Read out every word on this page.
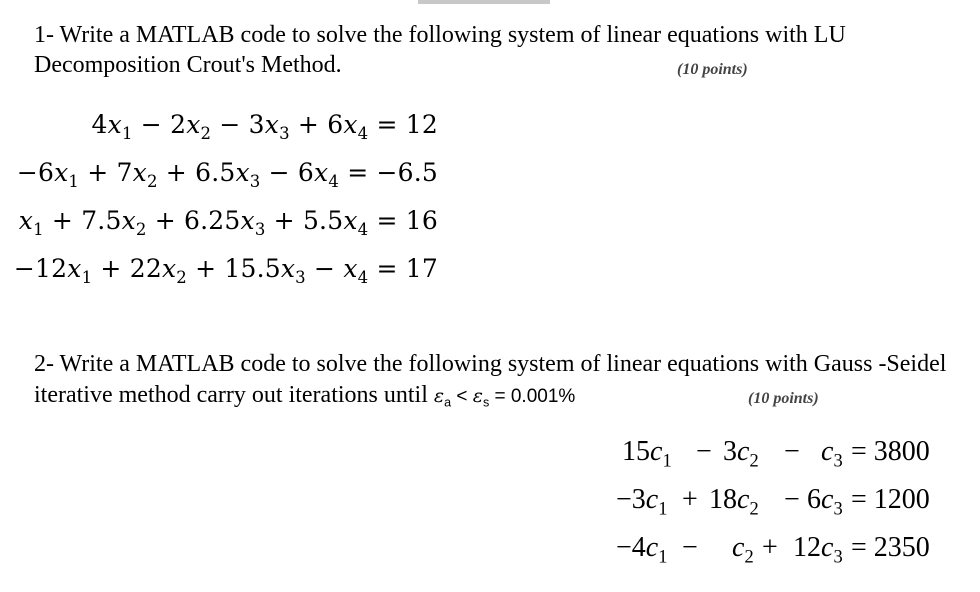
1- Write a MATLAB code to solve the following system of linear equations with LU
Decomposition Crout's Method.	(10 points)
$4x_1 - 2x_2 - 3x_3 + 6x_4 = 12$
$-6x_1 + 7x_2 + 6.5x_3 - 6x_4 = -6.5$
$x_1 + 7.5x_2 + 6.25x_3 + 5.5x_4 = 16$
$-12x_1 + 22x_2 + 15.5x_3 - x_4 = 17$
2- Write a MATLAB code to solve the following system of linear equations with Gauss -Seidel
iterative method carry out iterations until $\varepsilon_a < \varepsilon_s = 0.001\%$	(10 points)
$15c_1 - 3c_2 - c_3 = 3800$
$-3c_1 + 18c_2 - 6c_3 = 1200$
$-4c_1 - c_2 + 12c_3 = 2350$
